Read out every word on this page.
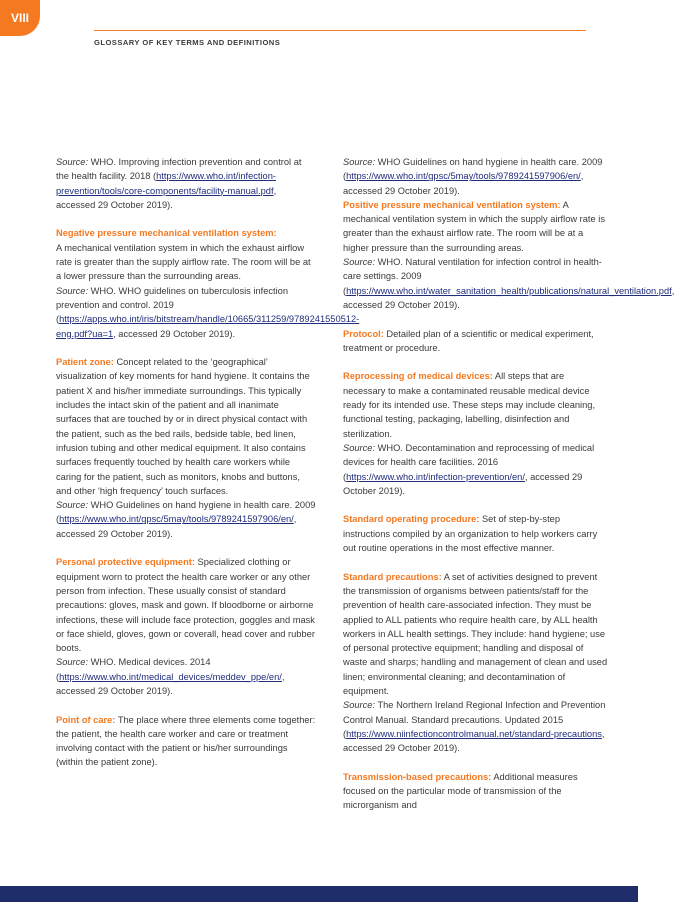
VIII
GLOSSARY OF KEY TERMS AND DEFINITIONS

Source: WHO. Improving infection prevention and control at the health facility. 2018 (https://www.who.int/infection-prevention/tools/core-components/facility-manual.pdf, accessed 29 October 2019).

Negative pressure mechanical ventilation system:
A mechanical ventilation system in which the exhaust airflow rate is greater than the supply airflow rate. The room will be at a lower pressure than the surrounding areas.
Source: WHO. WHO guidelines on tuberculosis infection prevention and control. 2019 (https://apps.who.int/iris/bitstream/handle/10665/311259/9789241550512-eng.pdf?ua=1, accessed 29 October 2019).

Patient zone: Concept related to the ‘geographical’ visualization of key moments for hand hygiene. It contains the patient X and his/her immediate surroundings. This typically includes the intact skin of the patient and all inanimate surfaces that are touched by or in direct physical contact with the patient, such as the bed rails, bedside table, bed linen, infusion tubing and other medical equipment. It also contains surfaces frequently touched by health care workers while caring for the patient, such as monitors, knobs and buttons, and other ‘high frequency’ touch surfaces.
Source: WHO Guidelines on hand hygiene in health care. 2009 (https://www.who.int/gpsc/5may/tools/9789241597906/en/, accessed 29 October 2019).

Personal protective equipment: Specialized clothing or equipment worn to protect the health care worker or any other person from infection. These usually consist of standard precautions: gloves, mask and gown. If bloodborne or airborne infections, these will include face protection, goggles and mask or face shield, gloves, gown or coverall, head cover and rubber boots.
Source: WHO. Medical devices. 2014 (https://www.who.int/medical_devices/meddev_ppe/en/, accessed 29 October 2019).

Point of care: The place where three elements come together: the patient, the health care worker and care or treatment involving contact with the patient or his/her surroundings (within the patient zone).

Source: WHO Guidelines on hand hygiene in health care. 2009 (https://www.who.int/gpsc/5may/tools/9789241597906/en/, accessed 29 October 2019).

Positive pressure mechanical ventilation system: A mechanical ventilation system in which the supply airflow rate is greater than the exhaust airflow rate. The room will be at a higher pressure than the surrounding areas.
Source: WHO. Natural ventilation for infection control in health-care settings. 2009 (https://www.who.int/water_sanitation_health/publications/natural_ventilation.pdf accessed 29 October 2019).

Protocol: Detailed plan of a scientific or medical experiment, treatment or procedure.

Reprocessing of medical devices: All steps that are necessary to make a contaminated reusable medical device ready for its intended use. These steps may include cleaning, functional testing, packaging, labelling, disinfection and sterilization.
Source: WHO. Decontamination and reprocessing of medical devices for health care facilities. 2016 (https://www.who.int/infection-prevention/en/, accessed 29 October 2019).

Standard operating procedure: Set of step-by-step instructions compiled by an organization to help workers carry out routine operations in the most effective manner.

Standard precautions: A set of activities designed to prevent the transmission of organisms between patients/staff for the prevention of health care-associated infection. They must be applied to ALL patients who require health care, by ALL health workers in ALL health settings. They include: hand hygiene; use of personal protective equipment; handling and disposal of waste and sharps; handling and management of clean and used linen; environmental cleaning; and decontamination of equipment.
Source: The Northern Ireland Regional Infection and Prevention Control Manual. Standard precautions. Updated 2015 (https://www.niinfectioncontrolmanual.net/standard-precautions, accessed 29 October 2019).

Transmission-based precautions: Additional measures focused on the particular mode of transmission of the microrganism and
